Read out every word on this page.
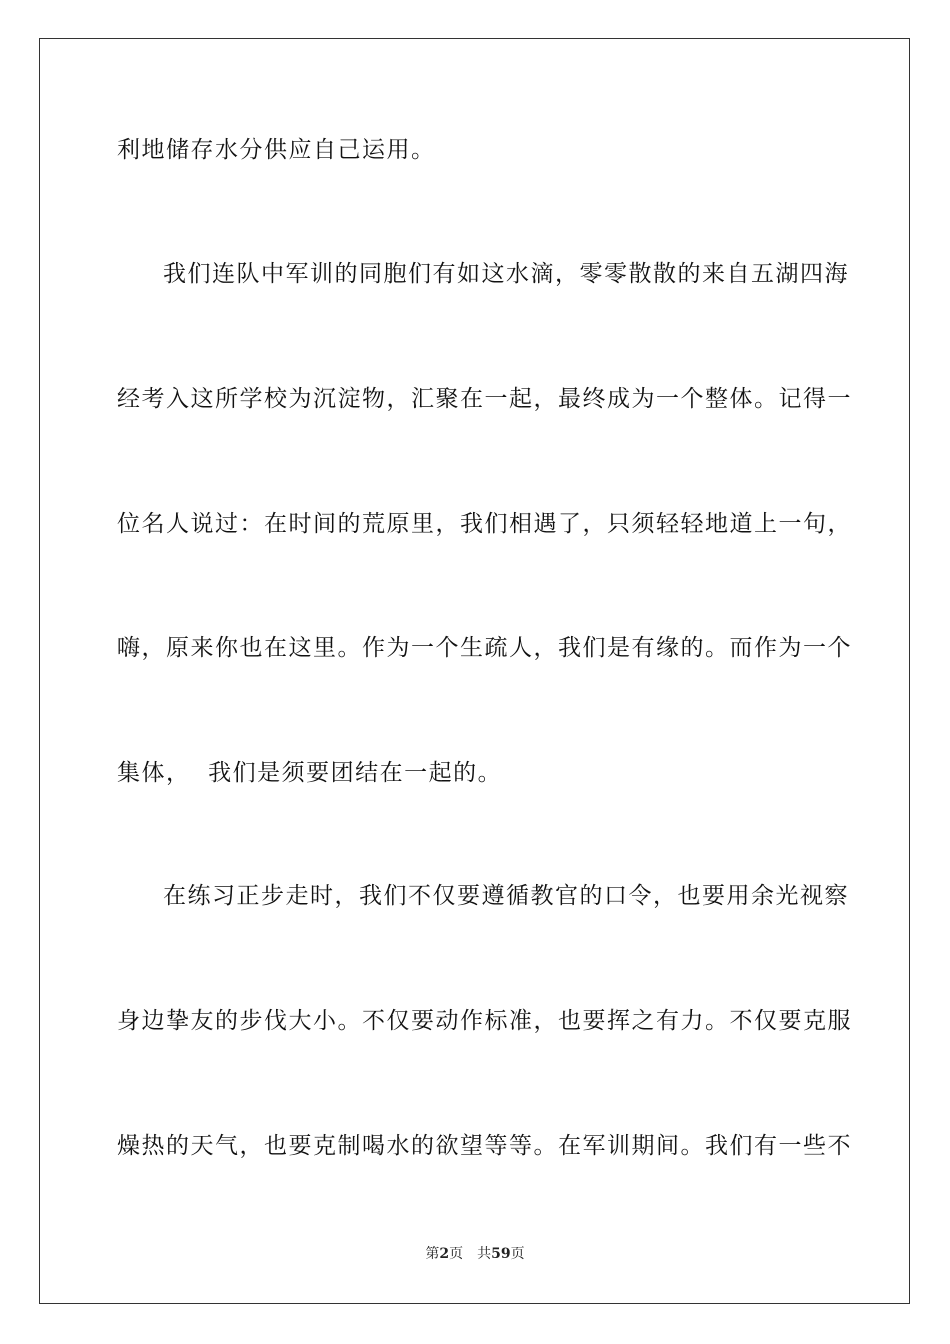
利地储存水分供应自己运用。
我们连队中军训的同胞们有如这水滴，零零散散的来自五湖四海
经考入这所学校为沉淀物，汇聚在一起，最终成为一个整体。记得一
位名人说过：在时间的荒原里，我们相遇了，只须轻轻地道上一句，
嗨，原来你也在这里。作为一个生疏人，我们是有缘的。而作为一个
集体，  我们是须要团结在一起的。
在练习正步走时，我们不仅要遵循教官的口令，也要用余光视察
身边挚友的步伐大小。不仅要动作标准，也要挥之有力。不仅要克服
燥热的天气，也要克制喝水的欲望等等。在军训期间。我们有一些不
第2页 共59页
